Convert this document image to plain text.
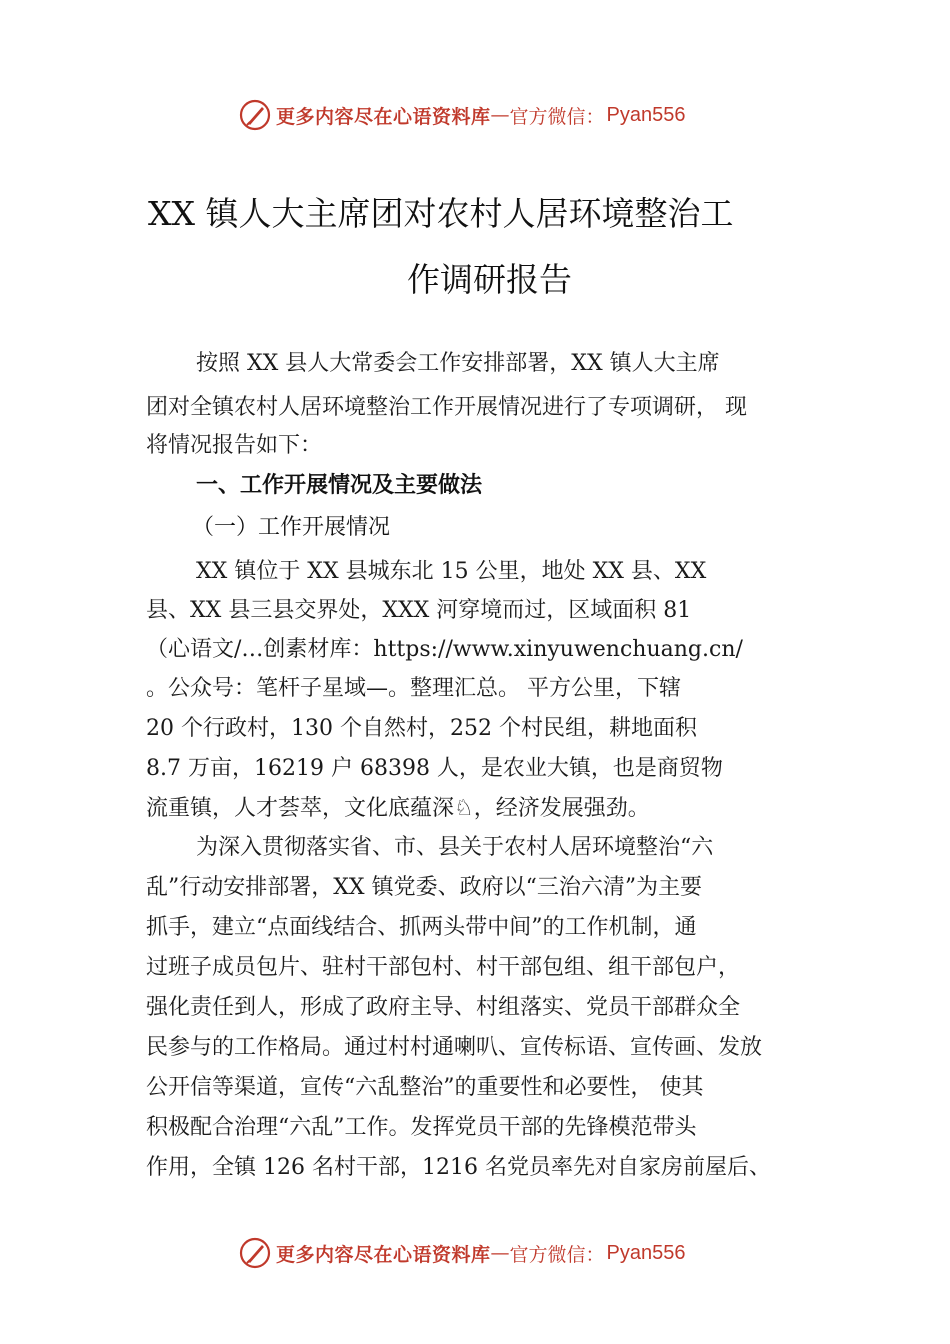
更多内容尽在心语资料库 — 官方微信： Pyan556
XX 镇人大主席团对农村人居环境整治工
作调研报告
按照 XX 县人大常委会工作安排部署，XX 镇人大主席
团对全镇农村人居环境整治工作开展情况进行了专项调研， 现
将情况报告如下：
一、工作开展情况及主要做法
（一）工作开展情况
XX 镇位于 XX 县城东北 15 公里，地处 XX 县、XX
县、XX 县三县交界处，XXX 河穿境而过，区域面积 81
（心语文/…创素材库：https://www.xinyuwenchuang.cn/
。公众号：笔杆子星域—。整理汇总。 平方公里，下辖
20 个行政村，130 个自然村，252 个村民组，耕地面积
8.7 万亩，16219 户 68398 人，是农业大镇，也是商贸物
流重镇，人才荟萃，文化底蕴深♘，经济发展强劲。
为深入贯彻落实省、市、县关于农村人居环境整治“六
乱”行动安排部署，XX 镇党委、政府以“三治六清”为主要
抓手，建立“点面线结合、抓两头带中间”的工作机制，通
过班子成员包片、驻村干部包村、村干部包组、组干部包户，
强化责任到人，形成了政府主导、村组落实、党员干部群众全
民参与的工作格局。通过村村通喇叭、宣传标语、宣传画、发放
公开信等渠道，宣传“六乱整治”的重要性和必要性， 使其
积极配合治理“六乱”工作。发挥党员干部的先锋模范带头
作用，全镇 126 名村干部，1216 名党员率先对自家房前屋后、
更多内容尽在心语资料库 — 官方微信： Pyan556
